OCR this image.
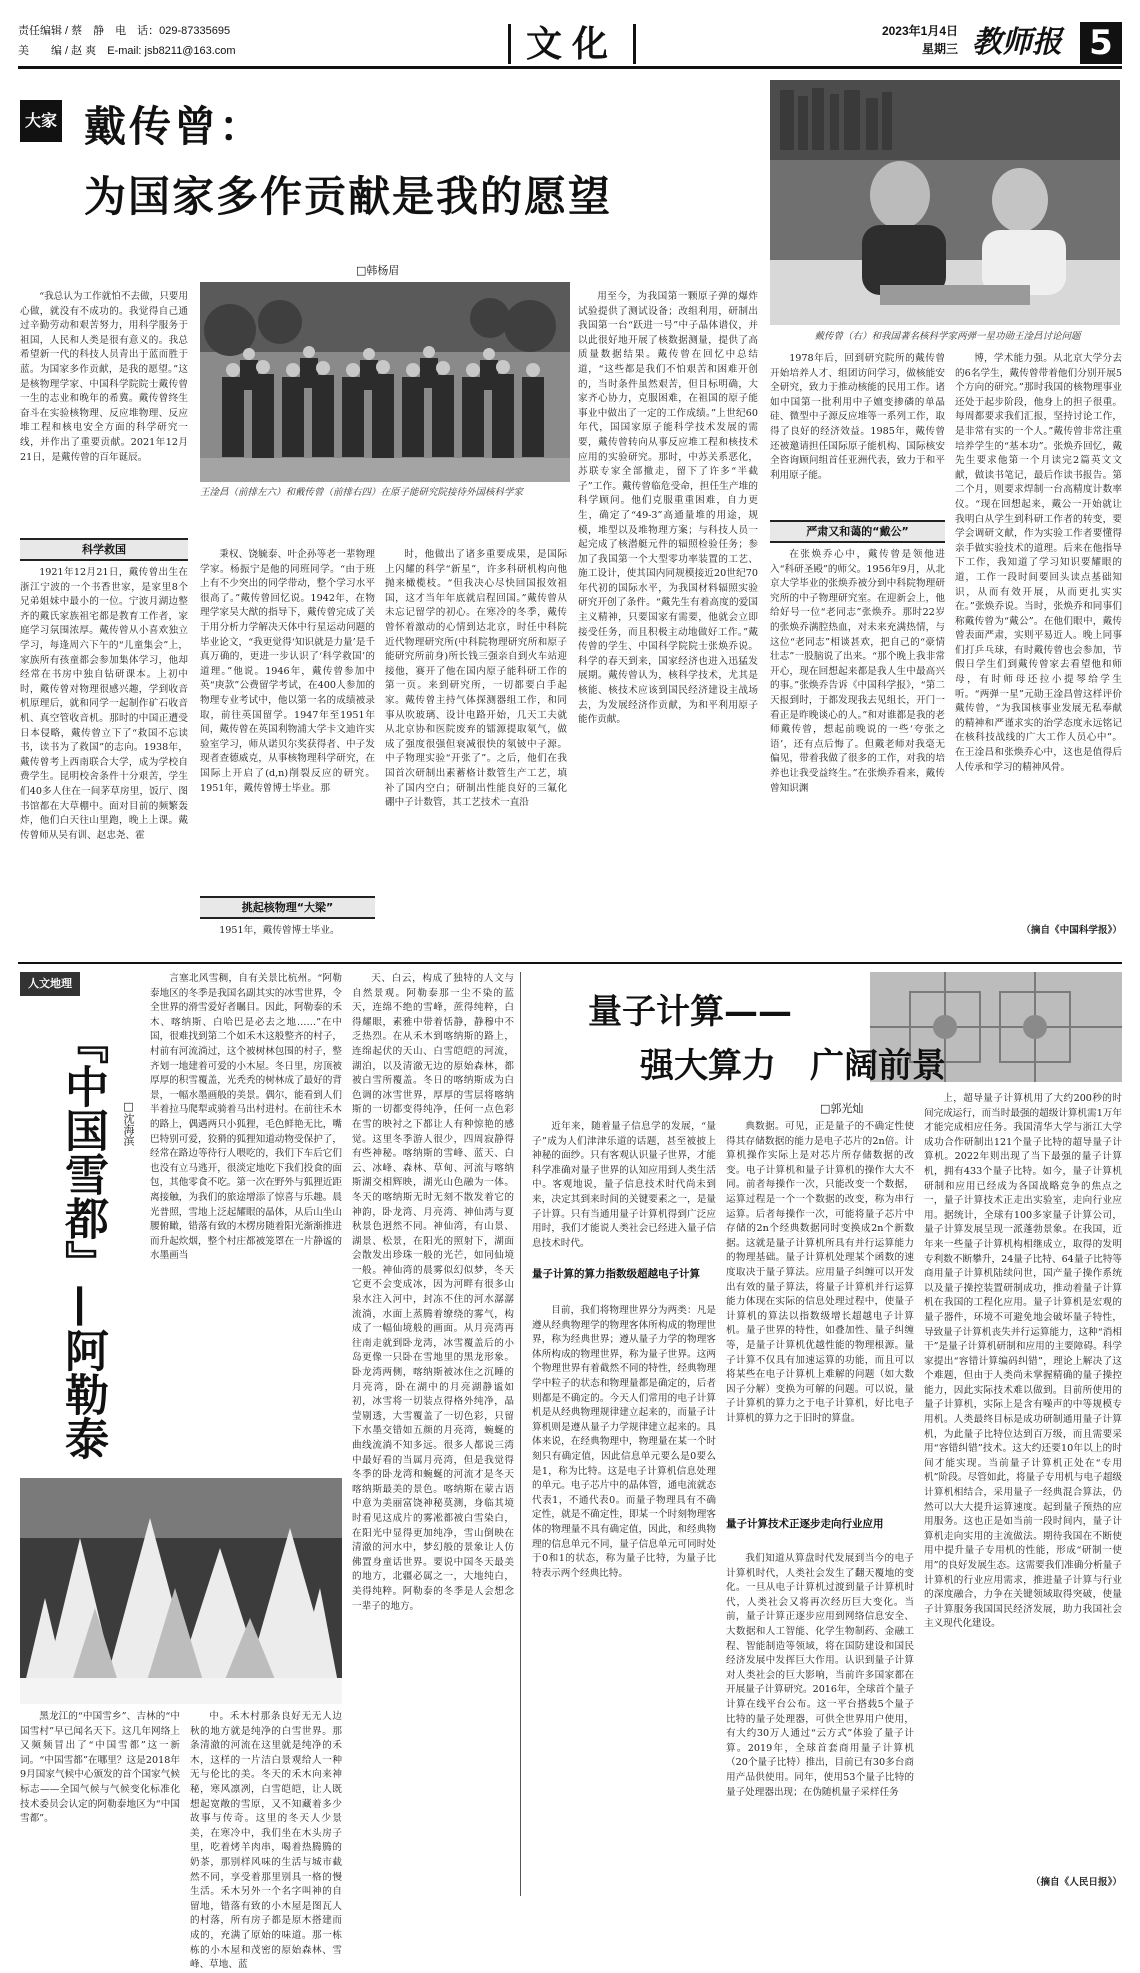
责任编辑 / 蔡　静　电　话：029-87335695
美　　编 / 赵 爽　E-mail: jsb8211@163.com	文化	2023年1月4日
星期三 教师报 5
大家 戴传曾：
为国家多作贡献是我的愿望
□韩杨眉
戴传曾（右）和我国著名核科学家两弹一星功勋王淦昌讨论问题
王淦昌（前排左六）和戴传曾（前排右四）在原子能研究院接待外国核科学家

“我总认为工作就怕不去做，只要用心做，就没有不成功的。我觉得自己通过辛勤劳动和艰苦努力，用科学服务于祖国，人民和人类是很有意义的。我总希望新一代的科技人员青出于蓝而胜于蓝。为国家多作贡献，是我的愿望。”这是核物理学家、中国科学院院士戴传曾一生的志业和晚年的希冀。戴传曾终生奋斗在实验核物理、反应堆物理、反应堆工程和核电安全方面的科学研究一线，并作出了重要贡献。2021年12月21日，是戴传曾的百年诞辰。

科学救国

1921年12月21日，戴传曾出生在浙江宁波的一个书香世家，是家里8个兄弟姐妹中最小的一位。宁波月湖边整齐的戴氏家族祖宅都是教育工作者，家庭学习氛围浓厚。戴传曾从小喜欢独立学习，每逢周六下午的“儿童集会”上，家族所有孩童都会参加集体学习，他却经常在书房中独自钻研课本。上初中时，戴传曾对物理很感兴趣，学到收音机原理后，就和同学一起制作矿石收音机、真空管收音机。那时的中国正遭受日本侵略，戴传曾立下了“救国不忘读书，读书为了救国”的志向。1938年，戴传曾考上西南联合大学，成为学校自费学生。昆明校舍条件十分艰苦，学生们40多人住在一间茅草房里，饭厅、图书馆都在大草棚中。面对目前的频繁轰炸，他们白天往山里跑，晚上上课。戴传曾师从吴有训、赵忠尧、霍

秉权、饶毓泰、叶企孙等老一辈物理学家。杨振宁是他的同班同学。“由于班上有不少突出的同学带动，整个学习水平很高了。”戴传曾回忆说。1942年，在物理学家吴大猷的指导下，戴传曾完成了关于用分析力学解决天体中行星运动问题的毕业论文，“我更觉得‘知识就是力量’是千真万确的，更进一步认识了‘科学救国’的道理。”他说。1946年，戴传曾参加中英“庚款”公费留学考试，在400人参加的物理专业考试中，他以第一名的成绩被录取，前往英国留学。1947年至1951年间，戴传曾在英国利物浦大学卡文迪许实验室学习，师从诺贝尔奖获得者、中子发现者查德威克，从事核物理科学研究，在国际上开启了(d,n)削裂反应的研究。1951年，戴传曾博士毕业。那

挑起核物理“大梁”

1951年，戴传曾博士毕业。

时，他做出了诸多重要成果，是国际上闪耀的科学“新星”，许多科研机构向他抛来橄榄枝。“但我决心尽快回国报效祖国，这才当年年底就启程回国。”戴传曾从未忘记留学的初心。在寒冷的冬季，戴传曾怀着激动的心情到达北京，时任中科院近代物理研究所(中科院物理研究所和原子能研究所前身)所长钱三强亲自到火车站迎接他，赛开了他在国内原子能科研工作的第一页。来到研究所，一切都要白手起家。戴传曾主持气体探测器组工作，和同事从吹玻璃、设计电路开始，几天工夫就从北京协和医院废弃的镭源提取氡气，做成了强度很强但衰减很快的氡铍中子源。中子物理实验“开张了”。之后，他们在我国首次研制出素蓄格计数管生产工艺，填补了国内空白；研制出性能良好的三氟化硼中子计数管，其工艺技术一直沿

用至今，为我国第一颗原子弹的爆炸试验提供了测试设备；改组利用，研制出我国第一台“跃进一号”中子晶体谱仪，并以此很好地开展了核数据测量，提供了高质量数据结果。戴传曾在回忆中总结道，“这些都是我们不怕艰苦和困难开创的，当时条件虽然艰苦，但目标明确，大家齐心协力，克服困难，在祖国的原子能事业中做出了一定的工作成绩。”上世纪60年代，国国家原子能科学技术发展的需要，戴传曾转向从事反应堆工程和核技术应用的实验研究。那时，中苏关系恶化，苏联专家全部撤走，留下了许多“半截子”工作。戴传曾临危受命，担任生产堆的科学顾问。他们克服重重困难，自力更生，确定了“49-3”高通量堆的用途，规模，堆型以及堆物理方案；与科技人员一起完成了核潜艇元件的辐照检验任务；参加了我国第一个大型零功率装置的工艺、施工设计，使其国内同规模接近20世纪70年代初的国际水平，为我国材料辐照实验研究开创了条件。“戴先生有着高度的爱国主义精神，只要国家有需要，他就会立即接受任务，而且积极主动地做好工作。”戴传曾的学生、中国科学院院士张焕乔说。科学的春天到来，国家经济也进入迅猛发展期。戴传曾认为，核科学技术，尤其是核能、核技术应该到国民经济建设主战场去，为发展经济作贡献，为和平利用原子能作贡献。

1978年后，回到研究院所的戴传曾开始培养人才、组团访问学习，做核能安全研究，致力于推动核能的民用工作。诸如中国第一批利用中子嬗变掺磷的单晶硅、微型中子源反应堆等一系列工作，取得了良好的经济效益。1985年，戴传曾还被邀请担任国际原子能机构、国际核安全咨询顾问组首任亚洲代表，致力于和平利用原子能。

严肃又和蔼的“戴公”

在张焕乔心中，戴传曾是领他进入“科研圣殿”的师父。1956年9月，从北京大学毕业的张焕乔被分到中科院物理研究所的中子物理研究室。在迎新会上，他给好号一位“老同志”张焕乔。那时22岁的张焕乔满腔热血，对未来充满热情，与这位“老同志”相谈甚欢，把自己的“豪情壮志”一股脑说了出来。“那个晚上我非常开心，现在回想起来都是我人生中最高兴的事。”张焕乔告诉《中国科学报》，“第二天报到时，于都发现我去见组长，开门一看正是昨晚谈心的人。”和对谁都是我的老师戴传曾，想起前晚说的一些‘夸张之语’，还有点后悔了。但戴老师对我毫无偏见，带着我做了很多的工作，对我的培养也让我受益终生。”在张焕乔看来，戴传曾知识渊

博，学术能力强。从北京大学分去的6名学生，戴传曾带着他们分别开展5个方向的研究。”那时我国的核物理事业还处于起步阶段，他身上的担子很重。每周都要求我们汇报，坚持讨论工作，是非常有实的一个人。”戴传曾非常注重培养学生的“基本功”。张焕乔回忆，戴先生要求他第一个月读完2篇英文文献，做读书笔记，最后作读书报告。第二个月，则要求焊制一台高精度计数率仪。“现在回想起来，戴公一开始就让我明白从学生到科研工作者的转变，要学会调研文献，作为实验工作者要懂得亲手做实验技术的道理。后来在他指导下工作，我知道了学习知识要耀眼的道，工作一段时间要回头读点基础知识，从而有效开展，从而更扎实实在。”张焕乔说。当时，张焕乔和同事们称戴传曾为“戴公”。在他们眼中，戴传曾表面严肃，实则平易近人。晚上同事们打乒乓球，有时戴传曾也会参加，节假日学生们到戴传曾家去看望他和师母，有时师母还拉小提琴给学生听。“两弹一星”元勋王淦昌曾这样评价戴传曾，“为我国核事业发展无私奉献的精神和严谨求实的治学态度永远铭记在核科技战线的广大工作人员心中”。在王淦昌和张焕乔心中，这也是值得后人传承和学习的精神风骨。

（摘自《中国科学报》）
人文地理
『中国雪都』—阿勒泰
□沈海滨

言塞北风雪稠，自有关景比杭州。“阿勒泰地区的冬季是我国名副其实的冰雪世界，令全世界的滑雪爱好者瞩目。因此，阿勒泰的禾木、喀纳斯、白哈巴是必去之地……”在中国，很难找到第二个如禾木这般整齐的村子，村前有河流淌过，这个被树林包围的村子，整齐划一地建着可爱的小木屋。冬日里，房顶被厚厚的积雪覆盖，光秃秃的树林成了最好的背景，一幅水墨画般的美景。偶尔，能看到人们半着拉马爬犁或骑着马出村进村。在前往禾木的路上，偶遇两只小狐狸，毛色鲜艳无比，嘴巴特别可爱，狡猾的狐狸知道动物受保护了，经常在路边等待行人喂吃的，我们下车后它们也没有立马逃开，很淡定地吃下我们投食的面包，其他零食不吃。第一次在野外与狐狸近距离接触，为我们的旅途增添了惊喜与乐趣。晨光普照，雪地上泛起耀眼的晶体，从后山坐山腰俯瞰，错落有致的木楞房随着阳光渐渐推进而升起炊烟，整个村庄都被笼罩在一片静谧的水墨画当

黑龙江的“中国雪乡”、吉林的“中国雪村”早已闻名天下。这几年网络上又频频冒出了“中国雪都”这一新词。“中国雪都”在哪里？这是2018年9月国家气候中心颁发的首个国家气候标志——全国气候与气候变化标准化技术委员会认定的阿勒泰地区为“中国雪都”。

中。禾木村那条良好无无人边秋的地方就是纯净的白雪世界。那条清澈的河流在这里就是纯净的禾木，这样的一片洁白景观给人一种无与伦比的美。冬天的禾木向来神秘，寒风凛冽，白雪皑皑，让人既想起宽敞的雪原，又不知藏着多少故事与传奇。这里的冬天人少景美，在寒冷中，我们坐在木头房子里，吃着烤羊肉串，喝着热腾腾的奶茶，那别样风味的生活与城市截然不同，享受着那里别具一格的慢生活。禾木另外一个名字叫神的自留地，错落有致的小木屋是图瓦人的村落，所有房子都是原木搭建而成的，充满了原始的味道。那一栋栋的小木屋和茂密的原始森林、雪峰、草地、蓝

天、白云，构成了独特的人文与自然景观。阿勒泰那一尘不染的蓝天，连绵不绝的雪峰，蔗得纯粹，白得耀眼，素雅中带着恬静，静穆中不乏热烈。在从禾木到喀纳斯的路上，连绵起伏的天山、白雪皑皑的河流，湖泊，以及清澈无边的原始森林，都被白雪所覆盖。冬日的喀纳斯成为白色调的冰雪世界，厚厚的雪层将喀纳斯的一切都变得纯净，任何一点色彩在雪的映衬之下都让人有种惊艳的感觉。这里冬季游人很少，四周寂静得有些神秘。喀纳斯的雪峰、蓝天、白云、冰峰、森林、草甸、河流与喀纳斯湖交相辉映，湖光山色融为一体。冬天的喀纳斯无时无刻不散发着它的神韵，卧龙湾、月亮湾、神仙湾与夏秋景色迥然不同。神仙湾，有山景、湖景、松景，在阳光的照射下，湖面会散发出珍珠一般的光芒，如同仙境一般。神仙湾的晨雾似幻似梦，冬天它更不会变成冰，因为河畔有很多山泉水注入河中，封冻不住的河水潺潺流淌，水面上蒸腾着缭绕的雾气，构成了一幅仙境般的画面。从月亮湾再往南走就到卧龙湾，冰雪覆盖后的小岛更像一只卧在雪地里的黑龙形象。卧龙湾两侧，喀纳斯被冰住之沉睡的月亮湾，卧在湖中的月亮湖静谧如初，冰雪将一切装点得格外纯净，晶莹剔透，大雪覆盖了一切色彩，只留下水墨交错如五颜的月亮湾，蜿蜒的曲线流淌不知多远。很多人都说三湾中最好看的当属月亮湾，但是我觉得冬季的卧龙湾和蜿蜒的河流才是冬天喀纳斯最美的景色。喀纳斯在蒙古语中意为美丽富饶神秘莫测，身临其境时看见这成片的雾凇都被白雪染白，在阳光中显得更加纯净，雪山倒映在清澈的河水中，梦幻般的景象让人仿佛置身童话世界。要说中国冬天最美的地方，北疆必属之一，大地纯白，美得纯粹。阿勒泰的冬季是人会想念一辈子的地方。

量子计算——
强大算力　广阔前景
□郭光灿

近年来，随着量子信息学的发展，“量子”成为人们津津乐道的话题，甚至被披上神秘的面纱。只有客观认识量子世界，才能科学准确对量子世界的认知应用到人类生活中。客观地说，量子信息技术时代尚未到来，决定其到来时间的关键要素之一，是量子计算。只有当通用量子计算机得到广泛应用时，我们才能说人类社会已经进入量子信息技术时代。

量子计算的算力指数级超越电子计算

目前，我们将物理世界分为两类：凡是遵从经典物理学的物理客体所构成的物理世界，称为经典世界；遵从量子力学的物理客体所构成的物理世界，称为量子世界。这两个物理世界有着截然不同的特性，经典物理学中粒子的状态和物理量都是确定的，后者则都是不确定的。今天人们常用的电子计算机是从经典物理规律建立起来的，而量子计算机则是遵从量子力学规律建立起来的。具体来说，在经典物理中，物理量在某一个时刻只有确定值，因此信息单元要么是0要么是1，称为比特。这是电子计算机信息处理的单元。电子芯片中的晶体管，通电流就态代表1，不通代表0。而量子物理具有不确定性，就是不确定性，即某一个时刻物理客体的物理量不具有确定值，因此，和经典物理的信息单元不同，量子信息单元可同时处于0和1的状态，称为量子比特，为量子比特表示两个经典比特。

典数据。可见，正是量子的不确定性使得其存储数据的能力是电子芯片的2n倍。计算机操作实际上是对芯片所存储数据的改变。电子计算机和量子计算机的操作大大不同。前者每操作一次，只能改变一个数据，运算过程是一个一个数据的改变，称为串行运算。后者每操作一次，可能将量子芯片中存储的2n个经典数据同时变换成2n个新数据。这就是量子计算机所具有并行运算能力的物理基础。量子计算机处理某个函数的速度取决于量子算法。应用量子纠缠可以开发出有效的量子算法，将量子计算机并行运算能力体现在实际的信息处理过程中，使量子计算机的算法以指数级增长超越电子计算机。量子世界的特性，如叠加性、量子纠缠等，是量子计算机优越性能的物理根源。量子计算不仅具有加速运算的功能，而且可以将某些在电子计算机上难解的问题（如大数因子分解）变换为可解的问题。可以说，量子计算机的算力之于电子计算机，好比电子计算机的算力之于旧时的算盘。

量子计算技术正逐步走向行业应用

我们知道从算盘时代发展到当今的电子计算机时代，人类社会发生了翻天覆地的变化。一旦从电子计算机过渡到量子计算机时代，人类社会又将再次经历巨大变化。当前，量子计算正逐步应用到网络信息安全、大数据和人工智能、化学生物制药、金融工程、智能制造等领域，将在国防建设和国民经济发展中发挥巨大作用。认识到量子计算对人类社会的巨大影响，当前许多国家都在开展量子计算研究。2016年，全球首个量子计算在线平台公布。这一平台搭载5个量子比特的量子处理器，可供全世界用户使用，有大约30万人通过“云方式”体验了量子计算。2019年，全球首套商用量子计算机（20个量子比特）推出，目前已有30多台商用产品供使用。同年，使用53个量子比特的量子处理器出现；在伪随机量子采样任务

上，超导量子计算机用了大约200秒的时间完成运行，而当时最强的超级计算机需1万年才能完成相应任务。我国清华大学与浙江大学成功合作研制出121个量子比特的超导量子计算机。2022年则出现了当下最强的量子计算机，拥有433个量子比特。如今，量子计算机研制和应用已经成为各国战略竞争的焦点之一，量子计算技术正走出实验室，走向行业应用。据统计，全球有100多家量子计算公司，量子计算发展呈现一派蓬勃景象。在我国，近年来一些量子计算机构相继成立，取得的发明专利数不断攀升，24量子比特、64量子比特等商用量子计算机陆续问世，国产量子操作系统以及量子操控装置研制成功，推动着量子计算机在我国的工程化应用。量子计算机是宏观的量子器件，环境不可避免地会破坏量子特性，导致量子计算机丧失并行运算能力，这种“消相干”是量子计算机研制和应用的主要障碍。科学家提出“容错计算编码纠错”，理论上解决了这个难题，但由于人类尚未掌握精确的量子操控能力，因此实际技术难以做到。目前所使用的量子计算机，实际上是含有噪声的中等规模专用机。人类最终目标是成功研制通用量子计算机，为此量子比特位达到百万级，而且需要采用“容错纠错”技术。这大约还要10年以上的时间才能实现。当前量子计算机正处在“专用机”阶段。尽管如此，将量子专用机与电子超级计算机相结合，采用量子一经典混合算法，仍然可以大大提升运算速度。起到量子预热的应用服务。这也正是如当前一段时间内，量子计算机走向实用的主流做法。期待我国在不断使用中提升量子专用机的性能，形成“研制一使用”的良好发展生态。这需要我们准确分析量子计算机的行业应用需求，推进量子计算与行业的深度融合，力争在关键领域取得突破，使量子计算服务我国国民经济发展，助力我国社会主义现代化建设。

（摘自《人民日报》）
